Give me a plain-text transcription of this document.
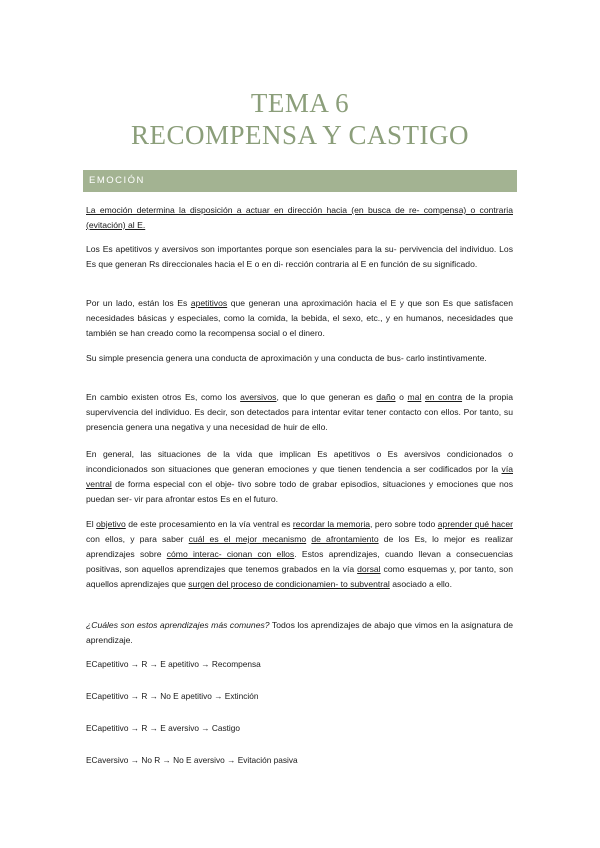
TEMA 6
RECOMPENSA Y CASTIGO
EMOCIÓN

La emoción determina la disposición a actuar en dirección hacia (en busca de re- compensa) o contraria (evitación) al E.

Los Es apetitivos y aversivos son importantes porque son esenciales para la su- pervivencia del individuo. Los Es que generan Rs direccionales hacia el E o en di- rección contraria al E en función de su significado.

Por un lado, están los Es apetitivos que generan una aproximación hacia el E y que son Es que satisfacen necesidades básicas y especiales, como la comida, la bebida, el sexo, etc., y en humanos, necesidades que también se han creado como la recompensa social o el dinero.

Su simple presencia genera una conducta de aproximación y una conducta de bus- carlo instintivamente.

En cambio existen otros Es, como los aversivos, que lo que generan es daño o mal en contra de la propia supervivencia del individuo. Es decir, son detectados para intentar evitar tener contacto con ellos. Por tanto, su presencia genera una negativa y una necesidad de huir de ello.

En general, las situaciones de la vida que implican Es apetitivos o Es aversivos condicionados o incondicionados son situaciones que generan emociones y que tienen tendencia a ser codificados por la vía ventral de forma especial con el obje- tivo sobre todo de grabar episodios, situaciones y emociones que nos puedan ser- vir para afrontar estos Es en el futuro.

El objetivo de este procesamiento en la vía ventral es recordar la memoria, pero sobre todo aprender qué hacer con ellos, y para saber cuál es el mejor mecanismo de afrontamiento de los Es, lo mejor es realizar aprendizajes sobre cómo interac- cionan con ellos. Estos aprendizajes, cuando llevan a consecuencias positivas, son aquellos aprendizajes que tenemos grabados en la vía dorsal como esquemas y, por tanto, son aquellos aprendizajes que surgen del proceso de condicionamien- to subventral asociado a ello.

¿Cuáles son estos aprendizajes más comunes? Todos los aprendizajes de abajo que vimos en la asignatura de aprendizaje.

ECapetitivo → R → E apetitivo → Recompensa
ECapetitivo → R → No E apetitivo → Extinción
ECapetitivo → R → E aversivo → Castigo
ECaversivo → No R → No E aversivo → Evitación pasiva
